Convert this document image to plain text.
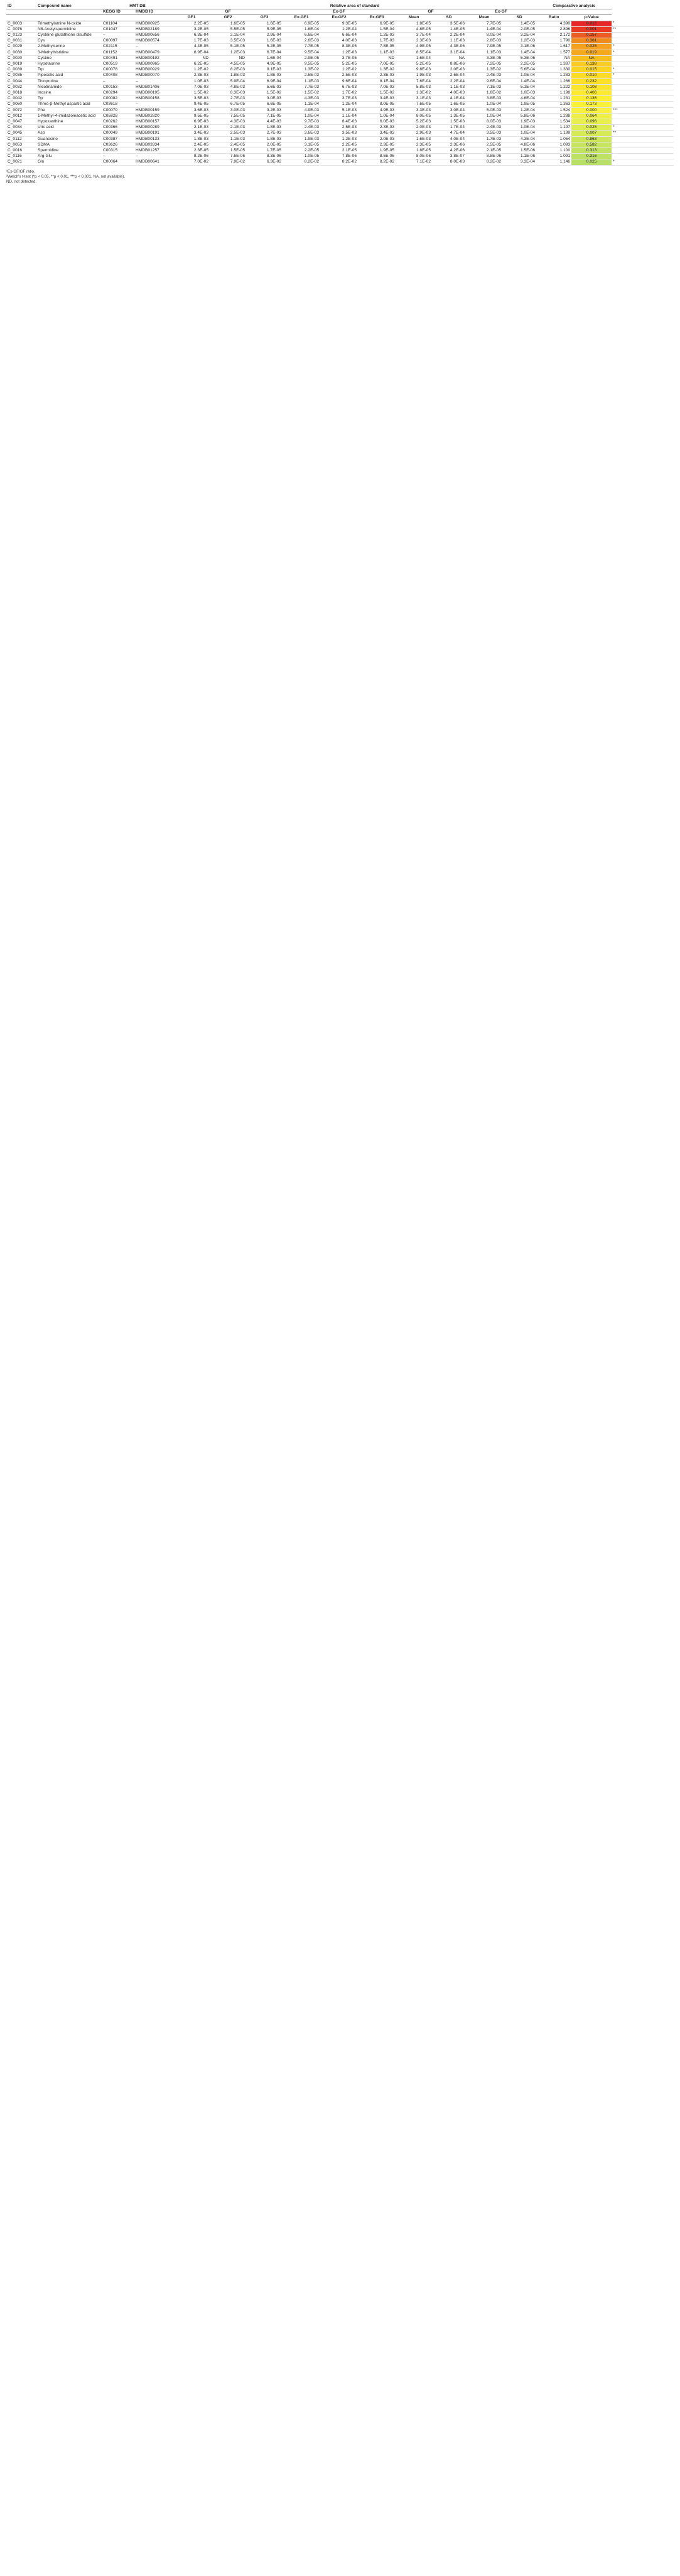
ID	Compound name	HMT DB		Relative area of standard										Comparative analysis		
		KEGG ID	HMDB ID	GF			Ex-GF			GF		Ex-GF				
				GF1	GF2	GF3	Ex-GF1	Ex-GF2	Ex-GF3	Mean	SD	Mean	SD	Ratio	p-Value	
C_0003	Trimethylamine N-oxide	C01104	HMDB00925	2.2E-05	1.6E-05	1.6E-05	6.9E-05	9.3E-05	6.9E-05	1.8E-05	3.5E-06	7.7E-05	1.4E-05	4.390	0.016	*
C_0076	N8-Acetylspermidine	C01047	HMDB02189	3.2E-05	5.5E-05	5.9E-05	1.6E-04	1.2E-04	1.5E-04	4.8E-05	1.4E-05	1.4E-04	2.0E-05	2.896	0.001	**
C_0123	Cysteine glutathione disulfide	–	HMDB00656	6.3E-04	2.1E-04	2.9E-04	6.6E-04	6.6E-04	1.2E-03	3.7E-04	2.2E-04	8.0E-04	3.2E-04	2.172	0.157	
C_0031	Cys	C00097	HMDB00574	1.7E-03	3.5E-03	1.6E-03	2.6E-03	4.0E-03	1.7E-03	2.3E-03	1.1E-03	2.8E-03	1.2E-03	1.790	0.361	
C_0029	2-Methylserine	C02115	–	4.4E-05	5.1E-05	5.2E-05	7.7E-05	8.3E-05	7.8E-05	4.9E-05	4.3E-06	7.9E-05	3.1E-06	1.617	0.025	*
C_0030	3-Methylhistidine	C01152	HMDB00479	6.9E-04	1.2E-03	6.7E-04	9.5E-04	1.2E-03	1.1E-03	8.5E-04	3.1E-04	1.1E-03	1.4E-04	1.577	0.019	*
C_0020	Cystine	C00491	HMDB00192	ND	ND	1.6E-04	2.9E-05	3.7E-05	ND	1.6E-04	NA	3.3E-05	5.3E-06	NA	NA	
C_0019	Hypotaurine	C00519	HMDB00965	6.2E-05	4.5E-05	4.9E-05	9.5E-05	5.2E-05	7.0E-05	5.2E-05	8.8E-06	7.2E-05	2.2E-05	1.387	0.138	
C_0039	Trp	C00078	HMDB00929	1.2E-02	8.2E-03	9.1E-03	1.3E-02	1.2E-02	1.3E-02	9.8E-03	2.0E-03	1.3E-02	5.6E-04	1.330	0.015	*
C_0035	Pipecolic acid	C00408	HMDB00070	2.3E-03	1.8E-03	1.8E-03	2.5E-03	2.5E-03	2.3E-03	1.9E-03	2.6E-04	2.4E-03	1.0E-04	1.283	0.010	*
C_0044	Thioproline	–	–	1.0E-03	5.9E-04	6.9E-04	1.1E-03	9.6E-04	8.1E-04	7.6E-04	2.2E-04	9.6E-04	1.4E-04	1.266	0.232	
C_0032	Nicotinamide	C00153	HMDB01406	7.0E-03	4.8E-03	5.6E-03	7.7E-03	6.7E-03	7.0E-03	5.8E-03	1.1E-03	7.1E-03	5.1E-04	1.222	0.108	
C_0018	Inosine	C00294	HMDB00195	1.5E-02	8.3E-03	1.5E-02	1.5E-02	1.7E-02	1.5E-02	1.3E-02	4.0E-03	1.6E-02	1.0E-03	1.198	0.406	
C_0042	Tyr	C00082	HMDB00158	3.5E-03	2.7E-03	3.0E-03	4.3E-03	3.7E-03	3.4E-03	3.1E-03	4.1E-04	3.8E-03	4.6E-04	1.231	0.136	
C_0060	Threo-β-Methyl aspartic acid	C03618	–	9.4E-05	6.7E-05	6.6E-05	1.1E-04	1.2E-04	8.0E-05	7.6E-05	1.6E-05	1.0E-04	1.9E-05	1.363	0.173	
C_0072	Phe	C00079	HMDB00159	3.6E-03	3.0E-03	3.2E-03	4.9E-03	5.1E-03	4.9E-03	3.3E-03	3.0E-04	5.0E-03	1.2E-04	1.524	0.000	***
C_0012	1-Methyl-4-imidazoleacetic acid	C05828	HMDB02820	9.5E-05	7.5E-05	7.1E-05	1.0E-04	1.1E-04	1.0E-04	8.0E-05	1.3E-05	1.0E-04	5.8E-06	1.288	0.064	
C_0047	Hypoxanthine	C00262	HMDB00157	6.9E-03	4.3E-03	4.4E-03	9.7E-03	8.4E-03	6.0E-03	5.2E-03	1.5E-03	8.0E-03	1.9E-03	1.534	0.096	
C_0034	Uric acid	C00366	HMDB00289	2.1E-03	2.1E-03	1.8E-03	2.4E-03	2.5E-03	2.3E-03	2.0E-03	1.7E-04	2.4E-03	1.0E-04	1.197	0.025	*
C_0045	Asp	C00049	HMDB00191	3.4E-03	2.5E-03	2.7E-03	3.6E-03	3.5E-03	3.4E-03	2.9E-03	4.7E-04	3.5E-03	1.0E-04	1.199	0.007	**
C_0112	Guanosine	C00387	HMDB00133	1.8E-03	1.1E-03	1.8E-03	1.9E-03	1.2E-03	2.0E-03	1.6E-03	4.0E-04	1.7E-03	4.3E-04	1.054	0.863	
C_0053	SDMA	C03626	HMDB03334	2.4E-05	2.4E-05	2.0E-05	3.1E-05	2.2E-05	2.3E-05	2.3E-05	2.3E-06	2.5E-05	4.8E-06	1.093	0.582	
C_0016	Spermidine	C00315	HMDB01257	2.3E-05	1.5E-05	1.7E-05	2.2E-05	2.1E-05	1.9E-05	1.8E-05	4.2E-06	2.1E-05	1.5E-06	1.100	0.313	
C_0116	Arg-Glu	–	–	8.2E-06	7.6E-06	8.3E-06	1.0E-05	7.8E-06	8.5E-06	8.0E-06	3.8E-07	8.8E-06	1.1E-06	1.091	0.316	
C_0021	Gln	C00064	HMDB00641	7.0E-02	7.9E-02	6.3E-02	8.2E-02	8.2E-02	8.2E-02	7.1E-02	8.0E-03	8.2E-02	3.3E-04	1.146	0.025	*
¹Ex-GF/GF ratio.
²Welch's t-test (*p < 0.05, **p < 0.01, ***p < 0.001, NA, not available).
ND, not detected.
